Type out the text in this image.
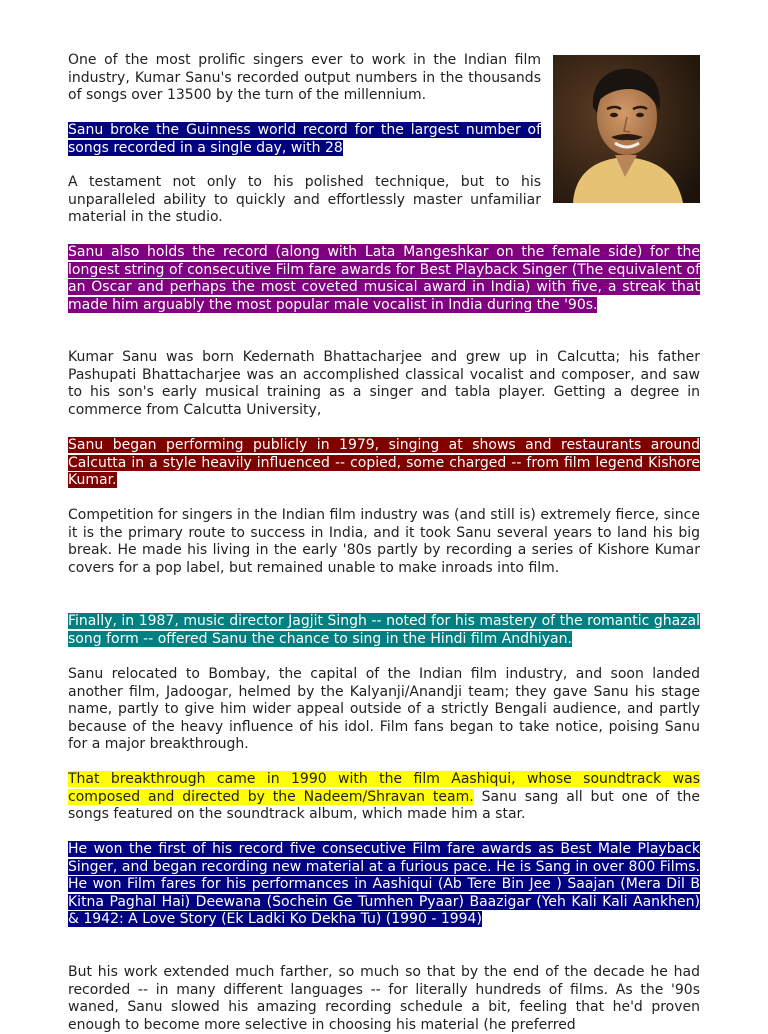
One of the most prolific singers ever to work in the Indian film industry, Kumar Sanu's recorded output numbers in the thousands of songs over 13500 by the turn of the millennium.

Sanu broke the Guinness world record for the largest number of songs recorded in a single day, with 28

A testament not only to his polished technique, but to his unparalleled ability to quickly and effortlessly master unfamiliar material in the studio.

Sanu also holds the record (along with Lata Mangeshkar on the female side) for the longest string of consecutive Film fare awards for Best Playback Singer (The equivalent of an Oscar and perhaps the most coveted musical award in India) with five, a streak that made him arguably the most popular male vocalist in India during the '90s.

Kumar Sanu was born Kedernath Bhattacharjee and grew up in Calcutta; his father Pashupati Bhattacharjee was an accomplished classical vocalist and composer, and saw to his son's early musical training as a singer and tabla player. Getting a degree in commerce from Calcutta University,

Sanu began performing publicly in 1979, singing at shows and restaurants around Calcutta in a style heavily influenced -- copied, some charged -- from film legend Kishore Kumar.

Competition for singers in the Indian film industry was (and still is) extremely fierce, since it is the primary route to success in India, and it took Sanu several years to land his big break. He made his living in the early '80s partly by recording a series of Kishore Kumar covers for a pop label, but remained unable to make inroads into film.

Finally, in 1987, music director Jagjit Singh -- noted for his mastery of the romantic ghazal song form -- offered Sanu the chance to sing in the Hindi film Andhiyan.

Sanu relocated to Bombay, the capital of the Indian film industry, and soon landed another film, Jadoogar, helmed by the Kalyanji/Anandji team; they gave Sanu his stage name, partly to give him wider appeal outside of a strictly Bengali audience, and partly because of the heavy influence of his idol. Film fans began to take notice, poising Sanu for a major breakthrough.

That breakthrough came in 1990 with the film Aashiqui, whose soundtrack was composed and directed by the Nadeem/Shravan team. Sanu sang all but one of the songs featured on the soundtrack album, which made him a star.

He won the first of his record five consecutive Film fare awards as Best Male Playback Singer, and began recording new material at a furious pace. He is Sang in over 800 Films. He won Film fares for his performances in Aashiqui (Ab Tere Bin Jee ) Saajan (Mera Dil B Kitna Paghal Hai) Deewana (Sochein Ge Tumhen Pyaar) Baazigar (Yeh Kali Kali Aankhen) & 1942: A Love Story (Ek Ladki Ko Dekha Tu) (1990 - 1994)

But his work extended much farther, so much so that by the end of the decade he had recorded -- in many different languages -- for literally hundreds of films. As the '90s waned, Sanu slowed his amazing recording schedule a bit, feeling that he'd proven enough to become more selective in choosing his material (he preferred
